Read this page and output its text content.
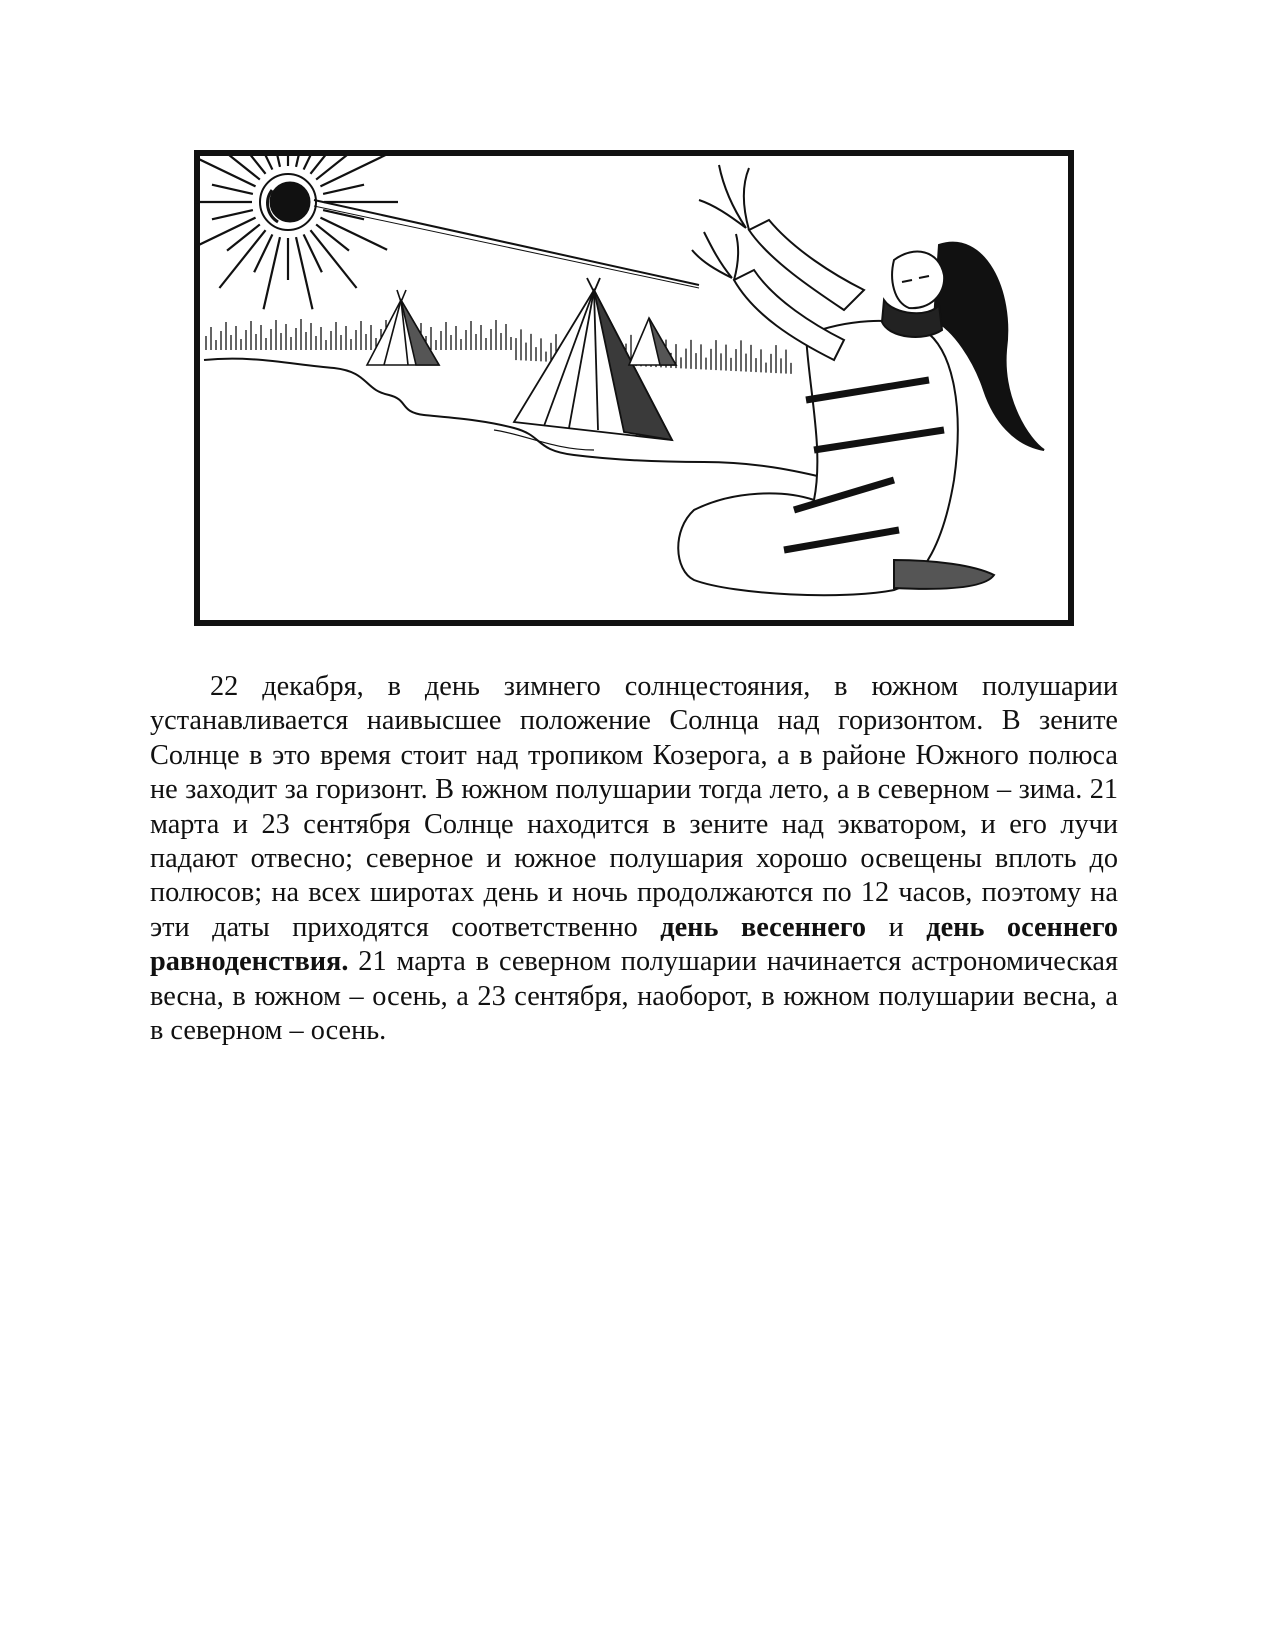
22 декабря, в день зимнего солнцестояния, в южном полушарии устанавливается наивысшее положение Солнца над горизонтом. В зените Солнце в это время стоит над тропиком Козерога, а в районе Южного полюса не заходит за горизонт. В южном полушарии тогда лето, а в северном – зима. 21 марта и 23 сентября Солнце находится в зените над экватором, и его лучи падают отвесно; северное и южное полушария хорошо освещены вплоть до полюсов; на всех широтах день и ночь продолжаются по 12 часов, поэтому на эти даты приходятся соответственно день весеннего и день осеннего равноденствия. 21 марта в северном полушарии начинается астрономическая весна, в южном – осень, а 23 сентября, наоборот, в южном полушарии весна, а в северном – осень.
